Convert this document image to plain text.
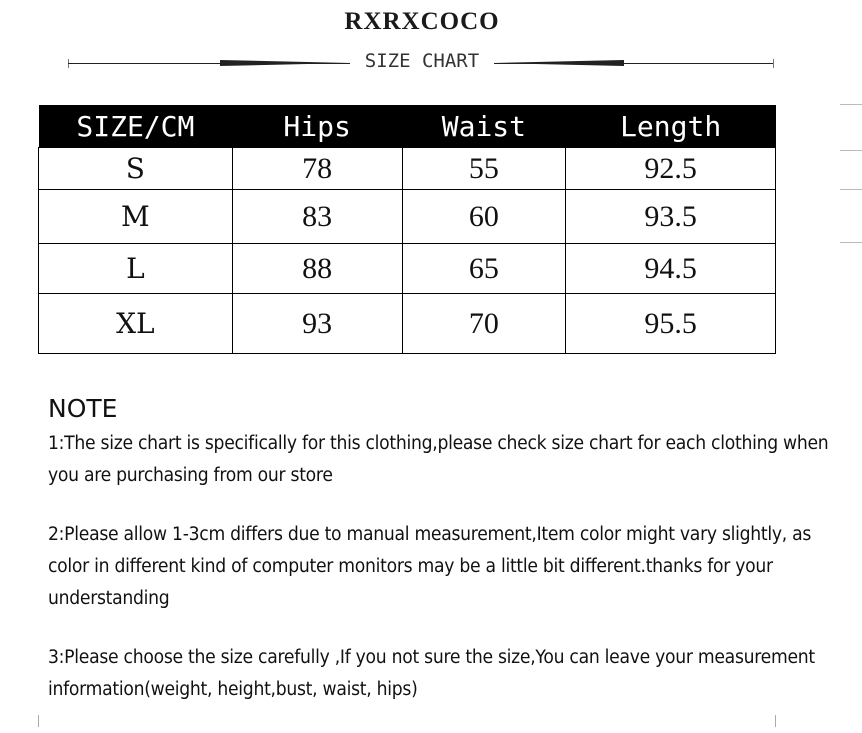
RXRXCOCO
SIZE CHART
SIZE/CM	Hips	Waist	Length
S	78	55	92.5
M	83	60	93.5
L	88	65	94.5
XL	93	70	95.5
NOTE

1:The size chart is specifically for this clothing,please check size chart for each clothing when you are purchasing from our store

2:Please allow 1-3cm differs due to manual measurement,Item color might vary slightly, as color in different kind of computer monitors may be a little bit different.thanks for your understanding

3:Please choose the size carefully ,If you not sure the size,You can leave your measurement information(weight, height,bust, waist, hips)
